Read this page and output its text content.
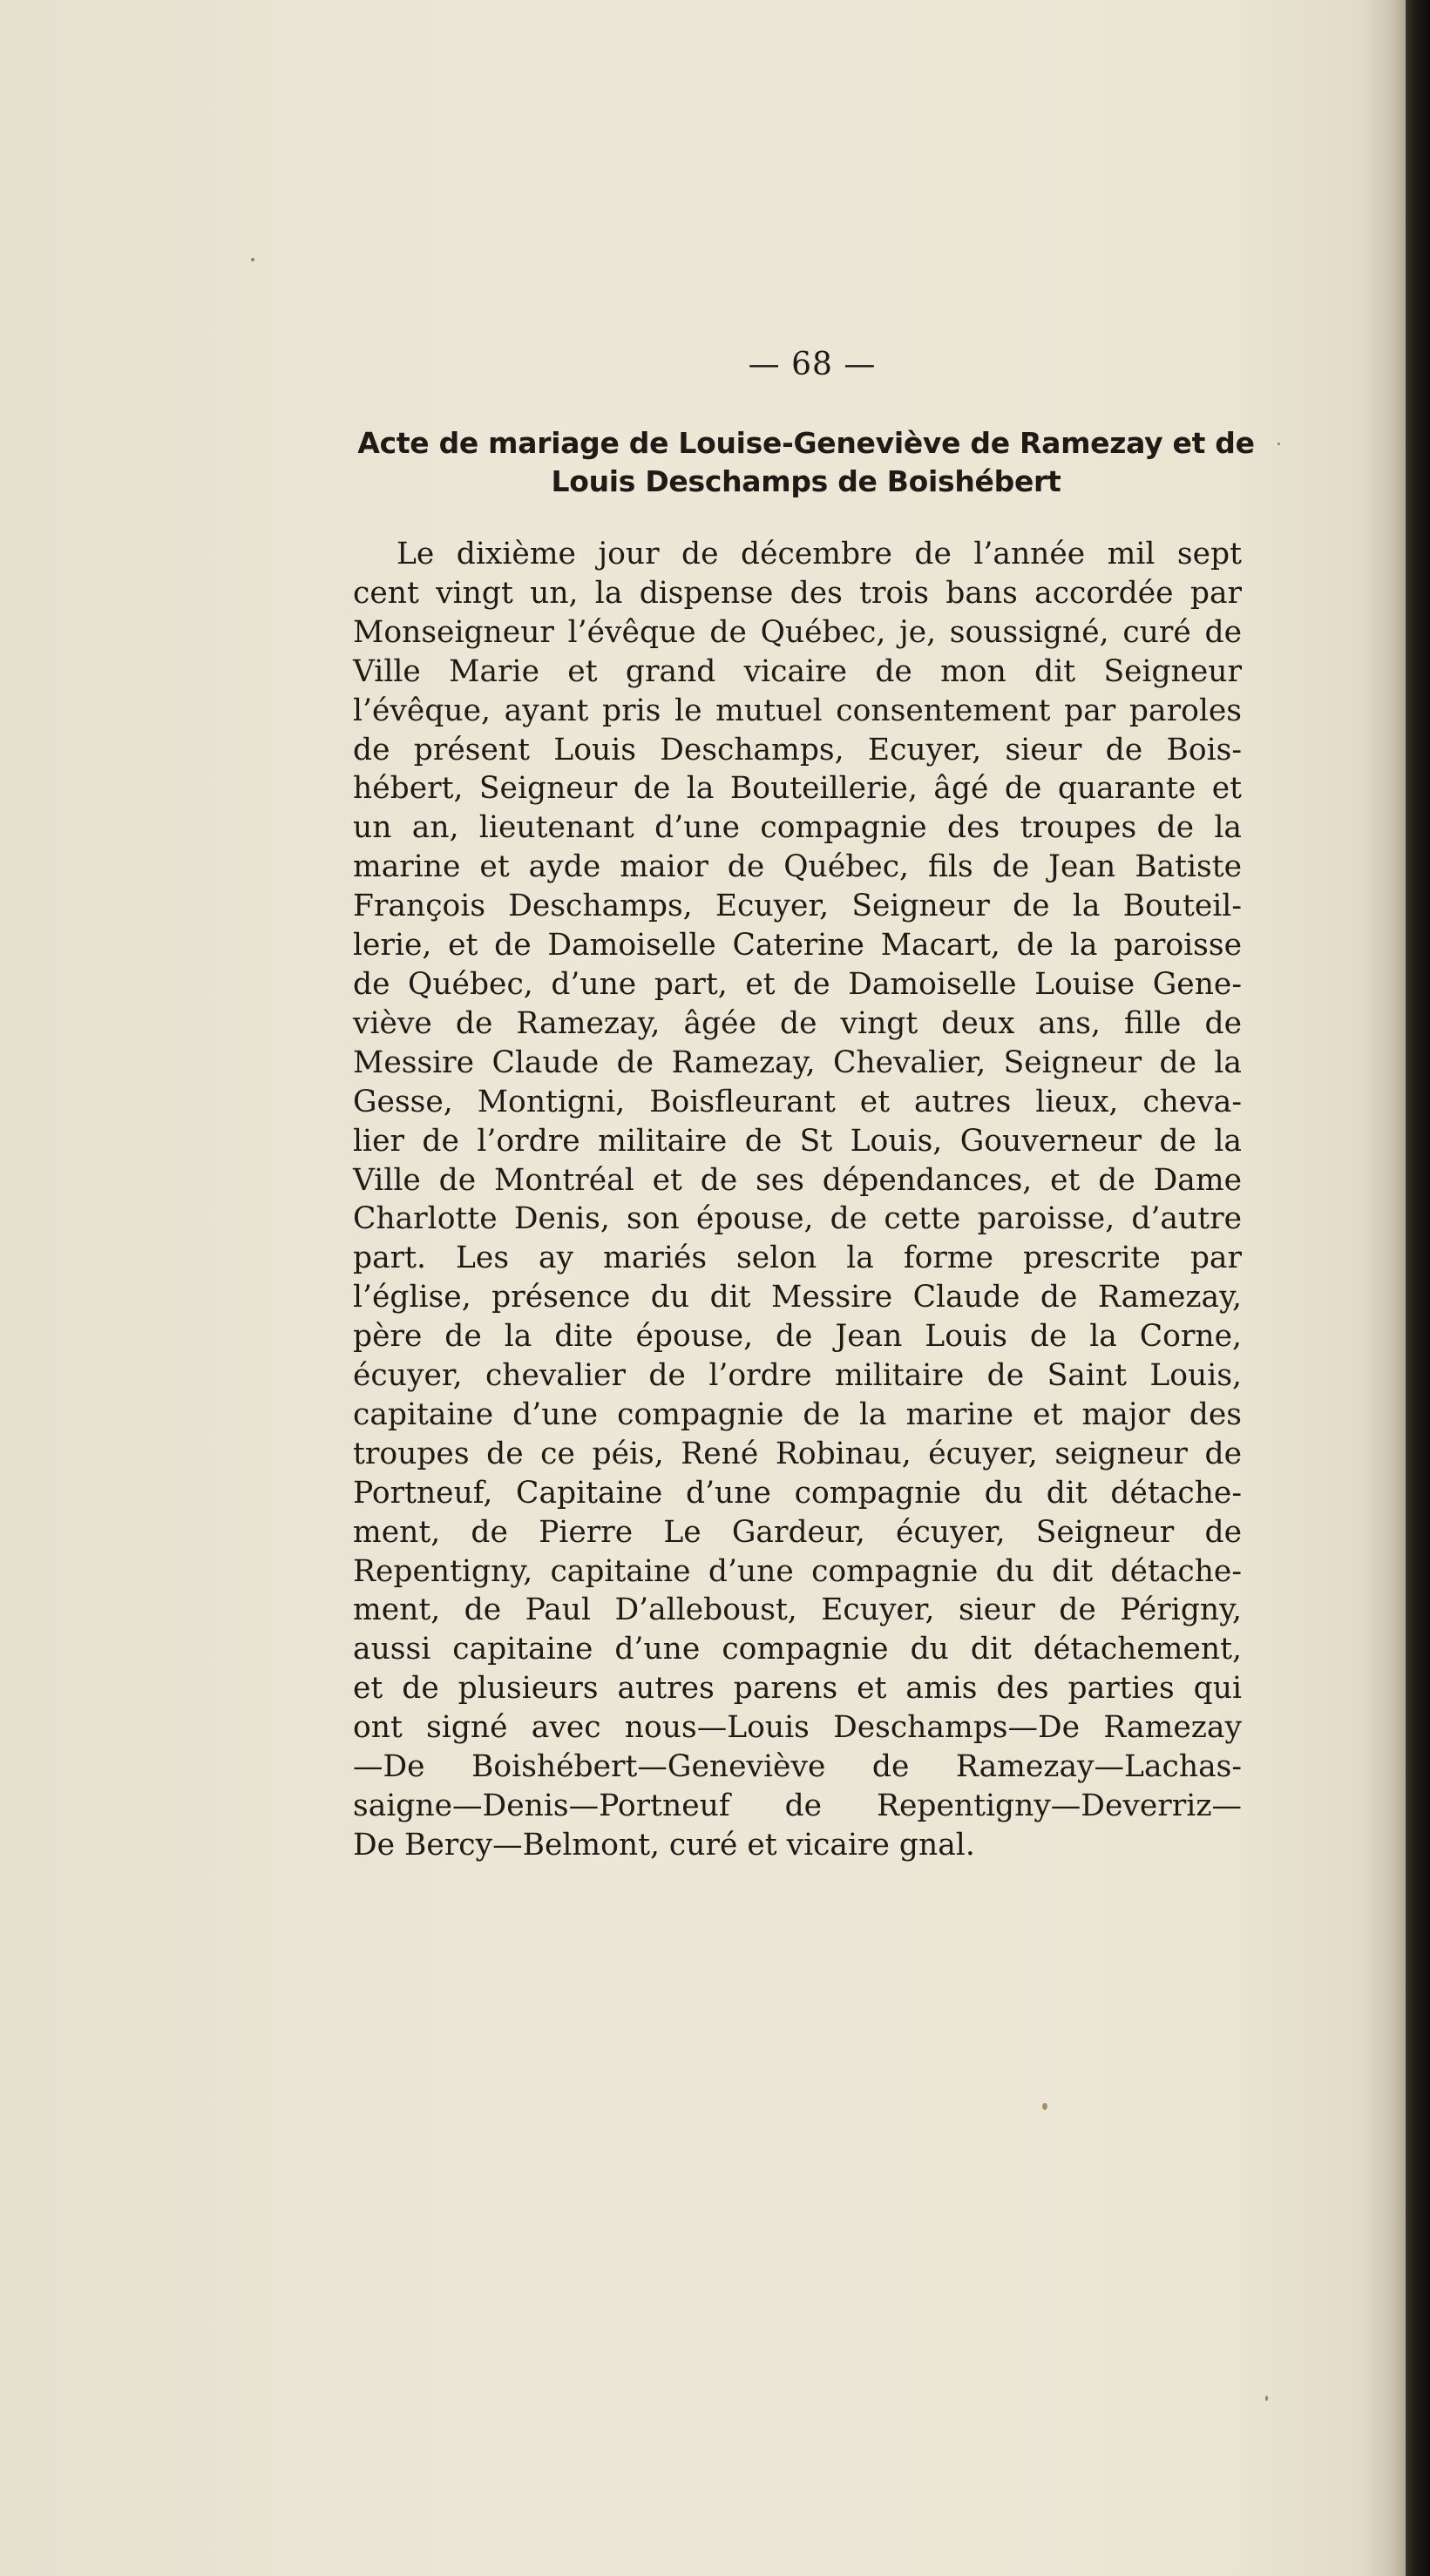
— 68 —

Acte de mariage de Louise-Geneviève de Ramezay et de
Louis Deschamps de Boishébert
Le dixième jour de décembre de l’année mil sept
cent vingt un, la dispense des trois bans accordée par
Monseigneur l’évêque de Québec, je, soussigné, curé de
Ville Marie et grand vicaire de mon dit Seigneur
l’évêque, ayant pris le mutuel consentement par paroles
de présent Louis Deschamps, Ecuyer, sieur de Bois-
hébert, Seigneur de la Bouteillerie, âgé de quarante et
un an, lieutenant d’une compagnie des troupes de la
marine et ayde maior de Québec, fils de Jean Batiste
François Deschamps, Ecuyer, Seigneur de la Bouteil-
lerie, et de Damoiselle Caterine Macart, de la paroisse
de Québec, d’une part, et de Damoiselle Louise Gene-
viève de Ramezay, âgée de vingt deux ans, fille de
Messire Claude de Ramezay, Chevalier, Seigneur de la
Gesse, Montigni, Boisfleurant et autres lieux, cheva-
lier de l’ordre militaire de St Louis, Gouverneur de la
Ville de Montréal et de ses dépendances, et de Dame
Charlotte Denis, son épouse, de cette paroisse, d’autre
part. Les ay mariés selon la forme prescrite par
l’église, présence du dit Messire Claude de Ramezay,
père de la dite épouse, de Jean Louis de la Corne,
écuyer, chevalier de l’ordre militaire de Saint Louis,
capitaine d’une compagnie de la marine et major des
troupes de ce péis, René Robinau, écuyer, seigneur de
Portneuf, Capitaine d’une compagnie du dit détache-
ment, de Pierre Le Gardeur, écuyer, Seigneur de
Repentigny, capitaine d’une compagnie du dit détache-
ment, de Paul D’alleboust, Ecuyer, sieur de Périgny,
aussi capitaine d’une compagnie du dit détachement,
et de plusieurs autres parens et amis des parties qui
ont signé avec nous—Louis Deschamps—De Ramezay
—De Boishébert—Geneviève de Ramezay—Lachas-
saigne—Denis—Portneuf de Repentigny—Deverriz—
De Bercy—Belmont, curé et vicaire gnal.
